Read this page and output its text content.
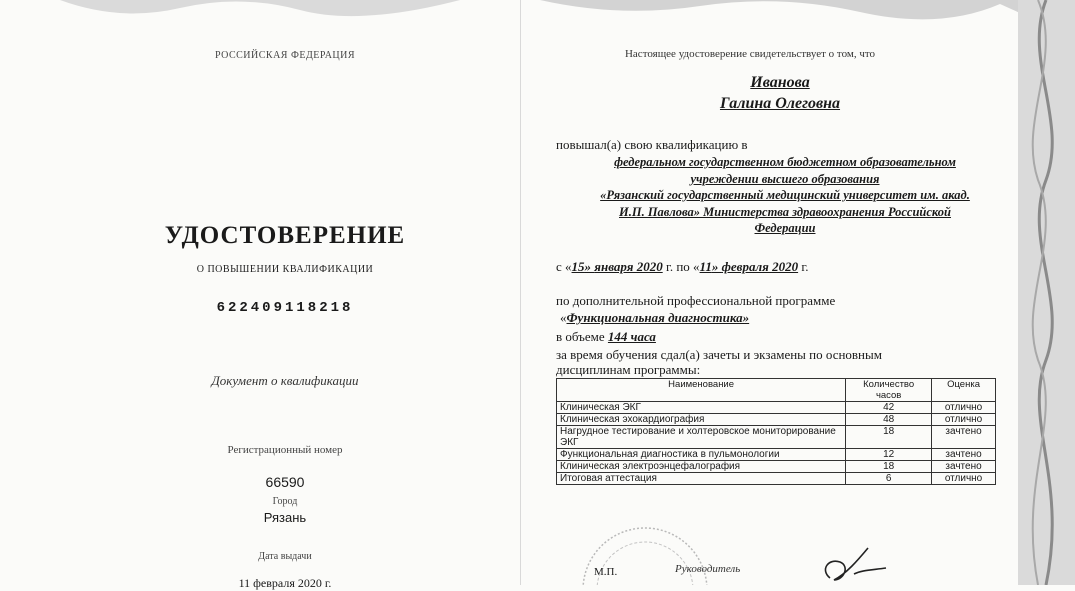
РОССИЙСКАЯ ФЕДЕРАЦИЯ
УДОСТОВЕРЕНИЕ
О ПОВЫШЕНИИ КВАЛИФИКАЦИИ
622409118218
Документ о квалификации
Регистрационный номер
66590
Город
Рязань
Дата выдачи
11 февраля 2020 г.
Настоящее удостоверение свидетельствует о том, что
Иванова
Галина Олеговна
повышал(а) свою квалификацию в
федеральном государственном бюджетном образовательном
учреждении высшего образования
«Рязанский государственный медицинский университет им. акад.
И.П. Павлова» Министерства здравоохранения Российской
Федерации
с «15» января 2020 г. по «11» февраля 2020 г.
по дополнительной профессиональной программе
«Функциональная диагностика»
в объеме 144 часа
за время обучения сдал(а) зачеты и экзамены по основным
дисциплинам программы:
Наименование	Количество часов	Оценка
Клиническая ЭКГ	42	отлично
Клиническая эхокардиография	48	отлично
Нагрудное тестирование и холтеровское мониторирование ЭКГ	18	зачтено
Функциональная диагностика в пульмонологии	12	зачтено
Клиническая электроэнцефалография	18	зачтено
Итоговая аттестация	6	отлично
М.П.	Руководитель
